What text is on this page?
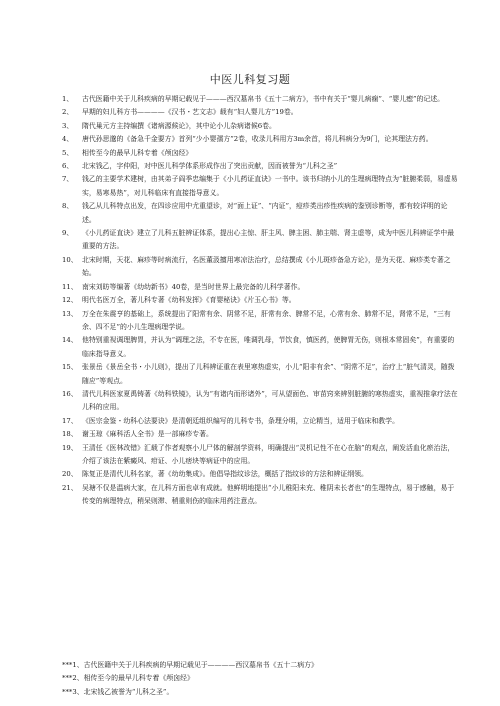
中医儿科复习题
1、	古代医籍中关于儿科疾病的早期记载见于———西汉墓帛书《五十二病方》，书中有关于“婴儿病痫”、“婴儿瘛”的记述。
2、	早期的妇儿科方书————《汉书・艺文志》载有“妇人婴儿方”19卷。
3、	隋代巢元方主持编撰《诸病源候论》，其中论小儿杂病诸候6卷。
4、	唐代孙思邈的《备急千金要方》首列“少小婴孺方”2卷，收录儿科用方3m余首，将儿科病分为9门，论其理法方药。
5、	相传至今的最早儿科专着《颅囟经》
6、	北宋钱乙，字仲阳，对中医儿科学体系形成作出了突出贡献，因而被誉为“儿科之圣”
7、	钱乙的主要学术建树，由其弟子阎季忠编集于《小儿药证直诀》一书中。该书归纳小儿的生理病理特点为“脏腑柔弱，易虚易实，易寒易热”，对儿科临床有直接指导意义。
8、	钱乙从儿科特点出发，在四诊应用中尤重望诊，对“面上证”、“内证”，痘疹类出疹性疾病的鉴别诊断等，都有较详明的论述。
9、	《小儿药证直诀》建立了儿科五脏辨证体系，提出心主惊、肝主风、脾主困、肺主喘、肾主虚等，成为中医儿科辨证学中最重要的方法。
10、 北宋时期，天花、麻疹等时病流行，名医董汲擅用寒凉法治疗，总结撰成《小儿斑疹备急方论》，是为天花、麻疹类专著之始。
11、 南宋刘昉等编著《幼幼新书》40卷，是当时世界上最完备的儿科学著作。
12、 明代名医万全，著儿科专著《幼科发挥》《育婴秘诀》《片玉心书》等。
13、 万全在朱震亨的基础上，系统提出了阳常有余、阴常不足，肝常有余、脾常不足，心常有余、肺常不足，肾常不足，“三有余、四不足”的小儿生理病理学说。
14、 他特别重视调理脾胃，并认为“调理之法，不专在医，唯调乳母，节饮食，慎医药，使脾胃无伤，则根本常固矣”，有重要的临床指导意义。
15、 张景岳《景岳全书・小儿则》，提出了儿科辨证重在表里寒热虚实，小儿“阳非有余”、“阴常不足”，治疗上“脏气清灵，随拨随应”等观点。
16、 清代儿科医家夏禹铸著《幼科铁镜》，认为“有诸内而形诸外”，可从望面色、审苗窍来辨别脏腑的寒热虚实，重视推拿疗法在儿科的应用。
17、 《医宗金鉴・幼科心法要诀》是清朝廷组织编写的儿科专书，条理分明，立论精当，适用于临床和教学。
18、 谢玉琼《麻科活人全书》是一部麻疹专著。
19、 王清任《医林改错》汇载了作者观察小儿尸体的解剖学资料，明确提出“灵机记性不在心在脑”的观点，阐发活血化瘀治法，介绍了该法在紫癜风、疳证、小儿痞块等病证中的应用。
20、 陈复正是清代儿科名家，著《幼幼集成》。他倡导指纹诊法，概括了指纹诊的方法和辨证纲领。
21、 吴瑭不仅是温病大家，在儿科方面也卓有成就。他鲜明地提出“小儿稚阳未充、稚阴未长者也”的生理特点，易于感触，易于传变的病理特点，稍呆则滞、稍重则伤的临床用药注意点。
***1、古代医籍中关于儿科疾病的早期记载见于————西汉墓帛书《五十二病方》
***2、相传至今的最早儿科专着《颅囟经》
***3、北宋钱乙被誉为“儿科之圣”。
